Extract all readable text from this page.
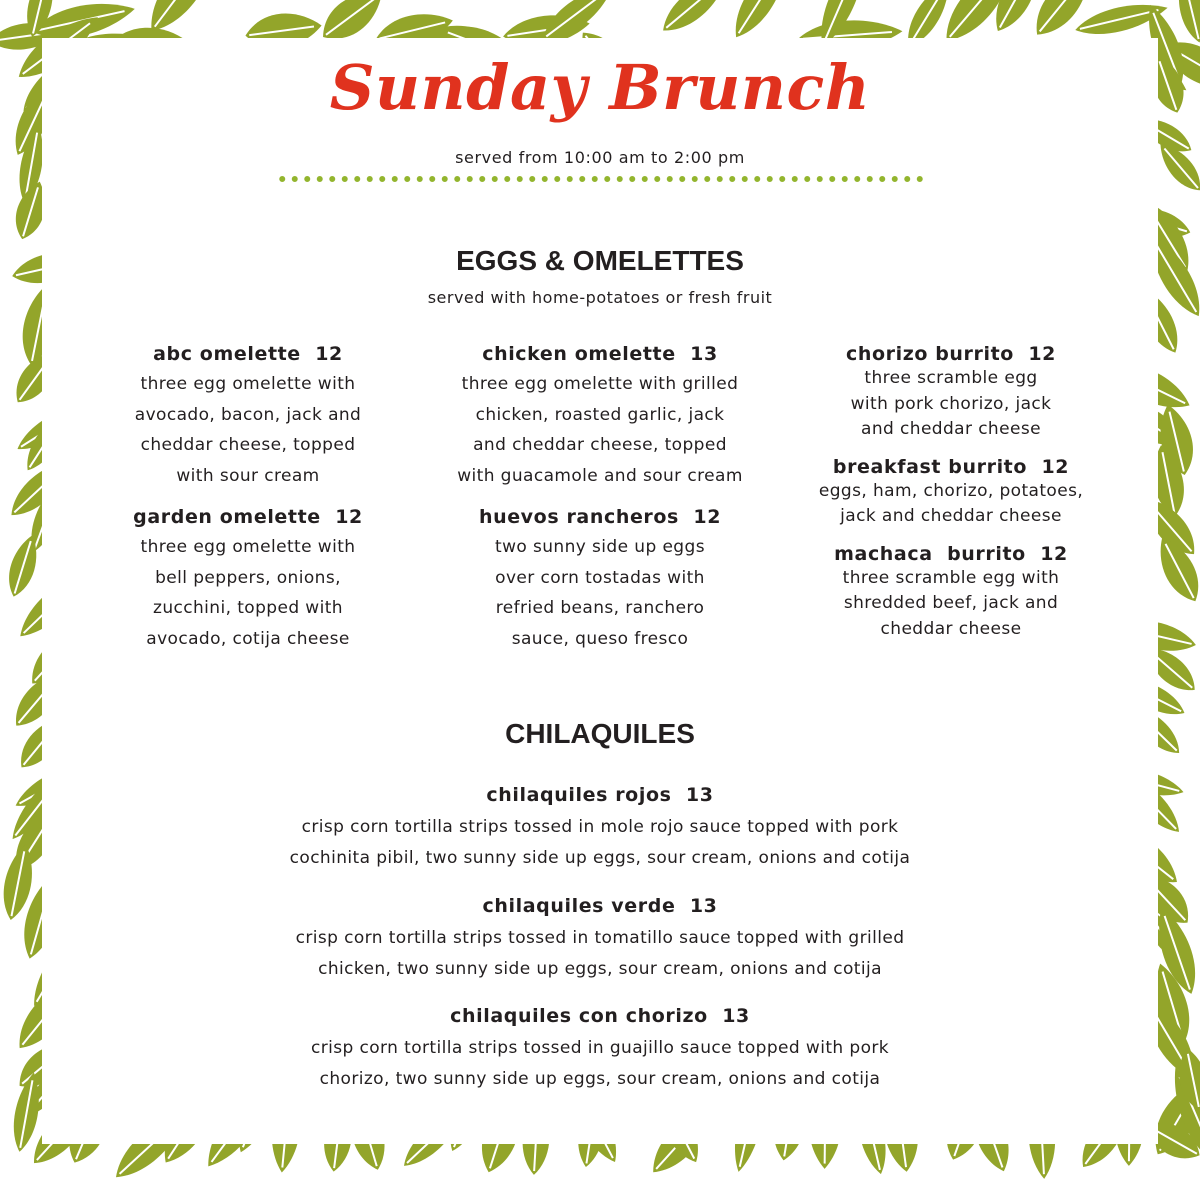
Sunday Brunch
served from 10:00 am to 2:00 pm
EGGS & OMELETTES
served with home-potatoes or fresh fruit
abc omelette  12
three egg omelette with
avocado, bacon, jack and
cheddar cheese, topped
with sour cream
garden omelette  12
three egg omelette with
bell peppers, onions,
zucchini, topped with
avocado, cotija cheese
chicken omelette  13
three egg omelette with grilled
chicken, roasted garlic, jack
and cheddar cheese, topped
with guacamole and sour cream
huevos rancheros  12
two sunny side up eggs
over corn tostadas with
refried beans, ranchero
sauce, queso fresco
chorizo burrito  12
three scramble egg
with pork chorizo, jack
and cheddar cheese
breakfast burrito  12
eggs, ham, chorizo, potatoes,
jack and cheddar cheese
machaca  burrito  12
three scramble egg with
shredded beef, jack and
cheddar cheese
CHILAQUILES
chilaquiles rojos  13
crisp corn tortilla strips tossed in mole rojo sauce topped with pork
cochinita pibil, two sunny side up eggs, sour cream, onions and cotija
chilaquiles verde  13
crisp corn tortilla strips tossed in tomatillo sauce topped with grilled
chicken, two sunny side up eggs, sour cream, onions and cotija
chilaquiles con chorizo  13
crisp corn tortilla strips tossed in guajillo sauce topped with pork
chorizo, two sunny side up eggs, sour cream, onions and cotija
